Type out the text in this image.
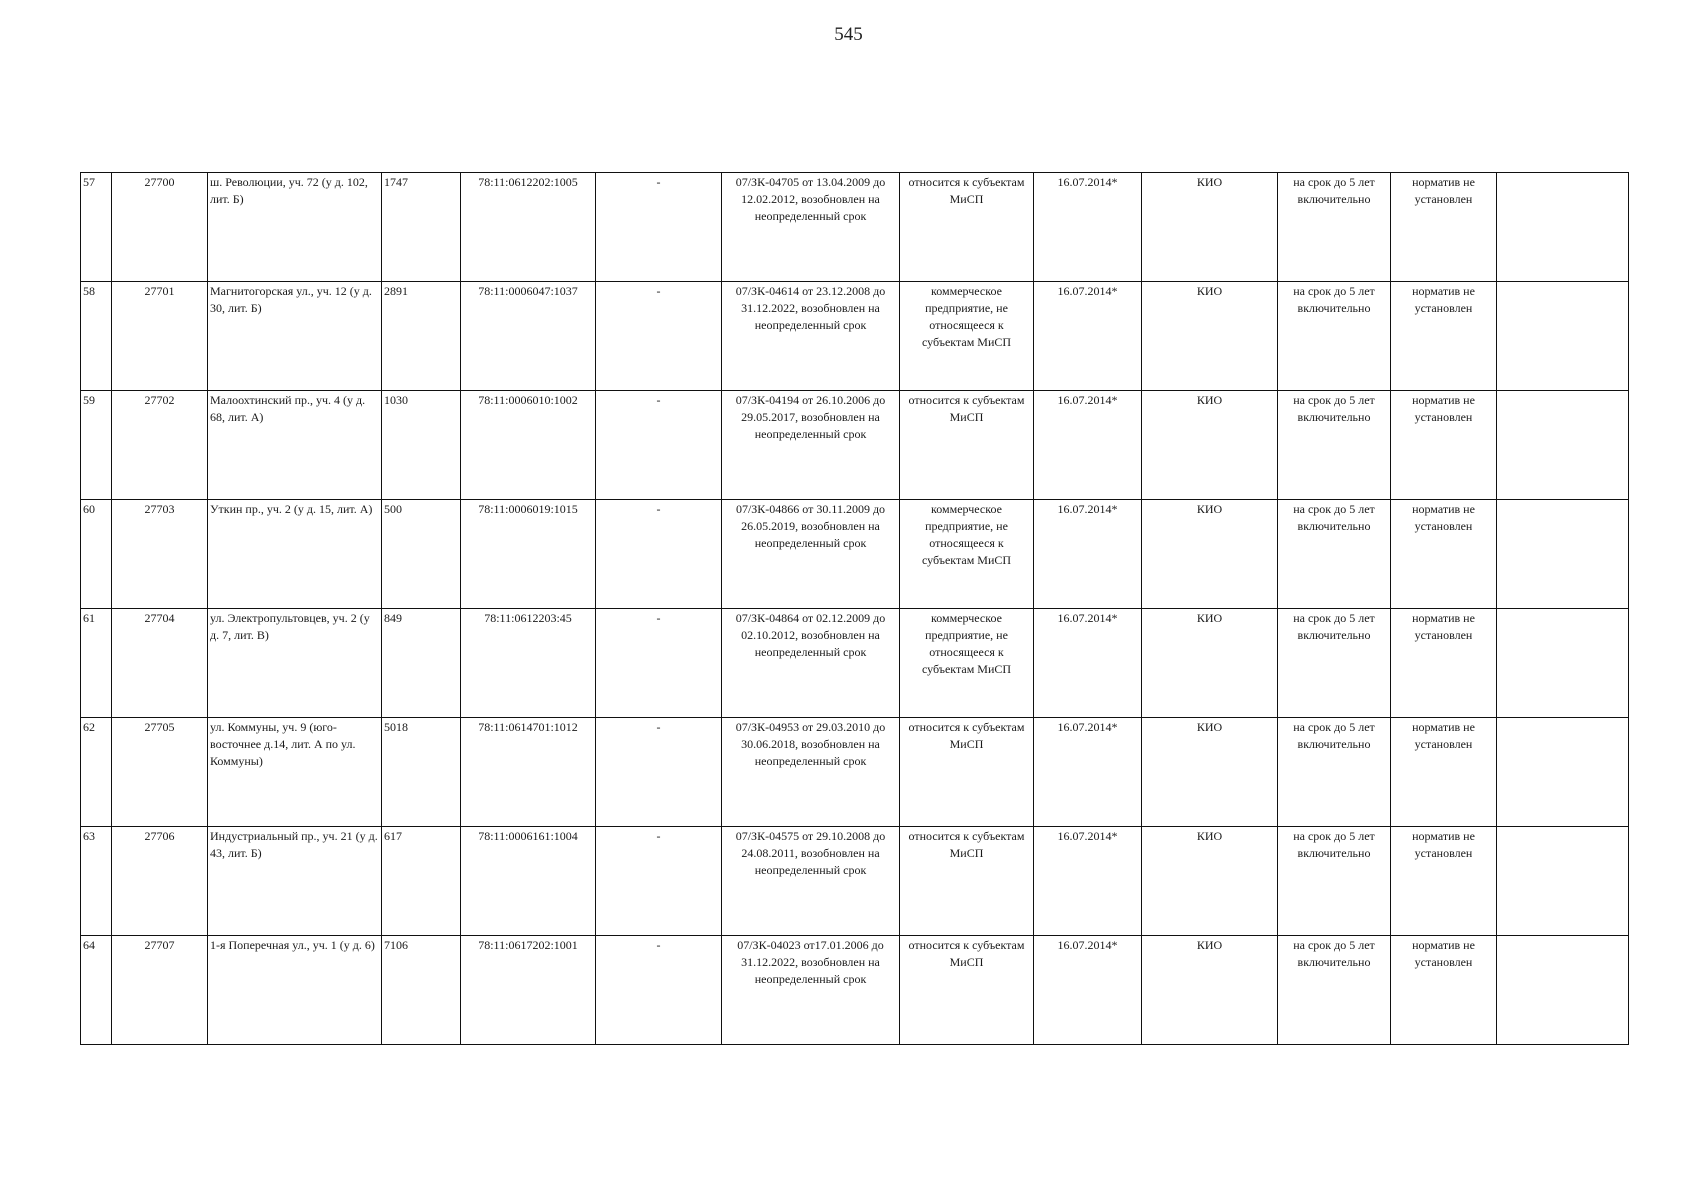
545
57	27700	ш. Революции, уч. 72 (у д. 102, лит. Б)	1747	78:11:0612202:1005	-	07/ЗК-04705 от 13.04.2009 до 12.02.2012, возобновлен на неопределенный срок	относится к субъектам МиСП	16.07.2014*	КИО	на срок до 5 лет включительно	норматив не установлен	
58	27701	Магнитогорская ул., уч. 12 (у д. 30, лит. Б)	2891	78:11:0006047:1037	-	07/ЗК-04614 от 23.12.2008 до 31.12.2022, возобновлен на неопределенный срок	коммерческое предприятие, не относящееся к субъектам МиСП	16.07.2014*	КИО	на срок до 5 лет включительно	норматив не установлен	
59	27702	Малоохтинский пр., уч. 4 (у д. 68, лит. А)	1030	78:11:0006010:1002	-	07/ЗК-04194 от 26.10.2006 до 29.05.2017, возобновлен на неопределенный срок	относится к субъектам МиСП	16.07.2014*	КИО	на срок до 5 лет включительно	норматив не установлен	
60	27703	Уткин пр., уч. 2 (у д. 15, лит. А)	500	78:11:0006019:1015	-	07/ЗК-04866 от 30.11.2009 до 26.05.2019, возобновлен на неопределенный срок	коммерческое предприятие, не относящееся к субъектам МиСП	16.07.2014*	КИО	на срок до 5 лет включительно	норматив не установлен	
61	27704	ул. Электропультовцев, уч. 2 (у д. 7, лит. В)	849	78:11:0612203:45	-	07/ЗК-04864 от 02.12.2009 до 02.10.2012, возобновлен на неопределенный срок	коммерческое предприятие, не относящееся к субъектам МиСП	16.07.2014*	КИО	на срок до 5 лет включительно	норматив не установлен	
62	27705	ул. Коммуны, уч. 9 (юго-восточнее д.14, лит. А по ул. Коммуны)	5018	78:11:0614701:1012	-	07/ЗК-04953 от 29.03.2010 до 30.06.2018, возобновлен на неопределенный срок	относится к субъектам МиСП	16.07.2014*	КИО	на срок до 5 лет включительно	норматив не установлен	
63	27706	Индустриальный пр., уч. 21 (у д. 43, лит. Б)	617	78:11:0006161:1004	-	07/ЗК-04575 от 29.10.2008 до 24.08.2011, возобновлен на неопределенный срок	относится к субъектам МиСП	16.07.2014*	КИО	на срок до 5 лет включительно	норматив не установлен	
64	27707	1-я Поперечная ул., уч. 1 (у д. 6)	7106	78:11:0617202:1001	-	07/ЗК-04023 от17.01.2006 до 31.12.2022, возобновлен на неопределенный срок	относится к субъектам МиСП	16.07.2014*	КИО	на срок до 5 лет включительно	норматив не установлен	
